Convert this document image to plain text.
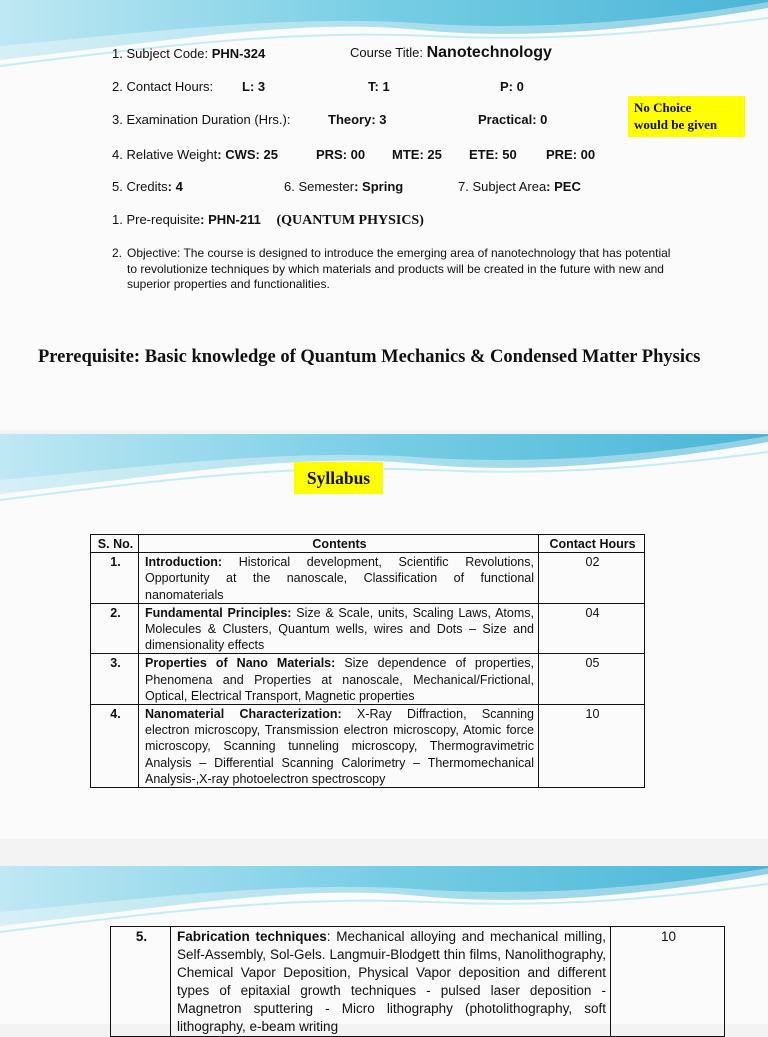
1. Subject Code: PHN-324	Course Title: Nanotechnology
2. Contact Hours: L: 3	T: 1	P: 0
No Choice
would be given
3. Examination Duration (Hrs.):	Theory: 3	Practical: 0
4. Relative Weight: CWS: 25	PRS: 00 MTE: 25 ETE: 50 PRE: 00
5. Credits: 4	6. Semester: Spring	7. Subject Area: PEC
1. Pre-requisite: PHN-211 (QUANTUM PHYSICS)
2. Objective: The course is designed to introduce the emerging area of nanotechnology that has potential to revolutionize techniques by which materials and products will be created in the future with new and superior properties and functionalities.

Prerequisite: Basic knowledge of Quantum Mechanics & Condensed Matter Physics
Syllabus
S. No.	Contents	Contact Hours
1.	Introduction: Historical development, Scientific Revolutions, Opportunity at the nanoscale, Classification of functional nanomaterials	02
2.	Fundamental Principles: Size & Scale, units, Scaling Laws, Atoms, Molecules & Clusters, Quantum wells, wires and Dots – Size and dimensionality effects	04
3.	Properties of Nano Materials: Size dependence of properties, Phenomena and Properties at nanoscale, Mechanical/Frictional, Optical, Electrical Transport, Magnetic properties	05
4.	Nanomaterial Characterization: X-Ray Diffraction, Scanning electron microscopy, Transmission electron microscopy, Atomic force microscopy, Scanning tunneling microscopy, Thermogravimetric Analysis – Differential Scanning Calorimetry – Thermomechanical Analysis-,X-ray photoelectron spectroscopy	10
5.	Fabrication techniques: Mechanical alloying and mechanical milling, Self-Assembly, Sol-Gels. Langmuir-Blodgett thin films, Nanolithography, Chemical Vapor Deposition, Physical Vapor deposition and different types of epitaxial growth techniques - pulsed laser deposition - Magnetron sputtering - Micro lithography (photolithography, soft lithography, e-beam writing	10
